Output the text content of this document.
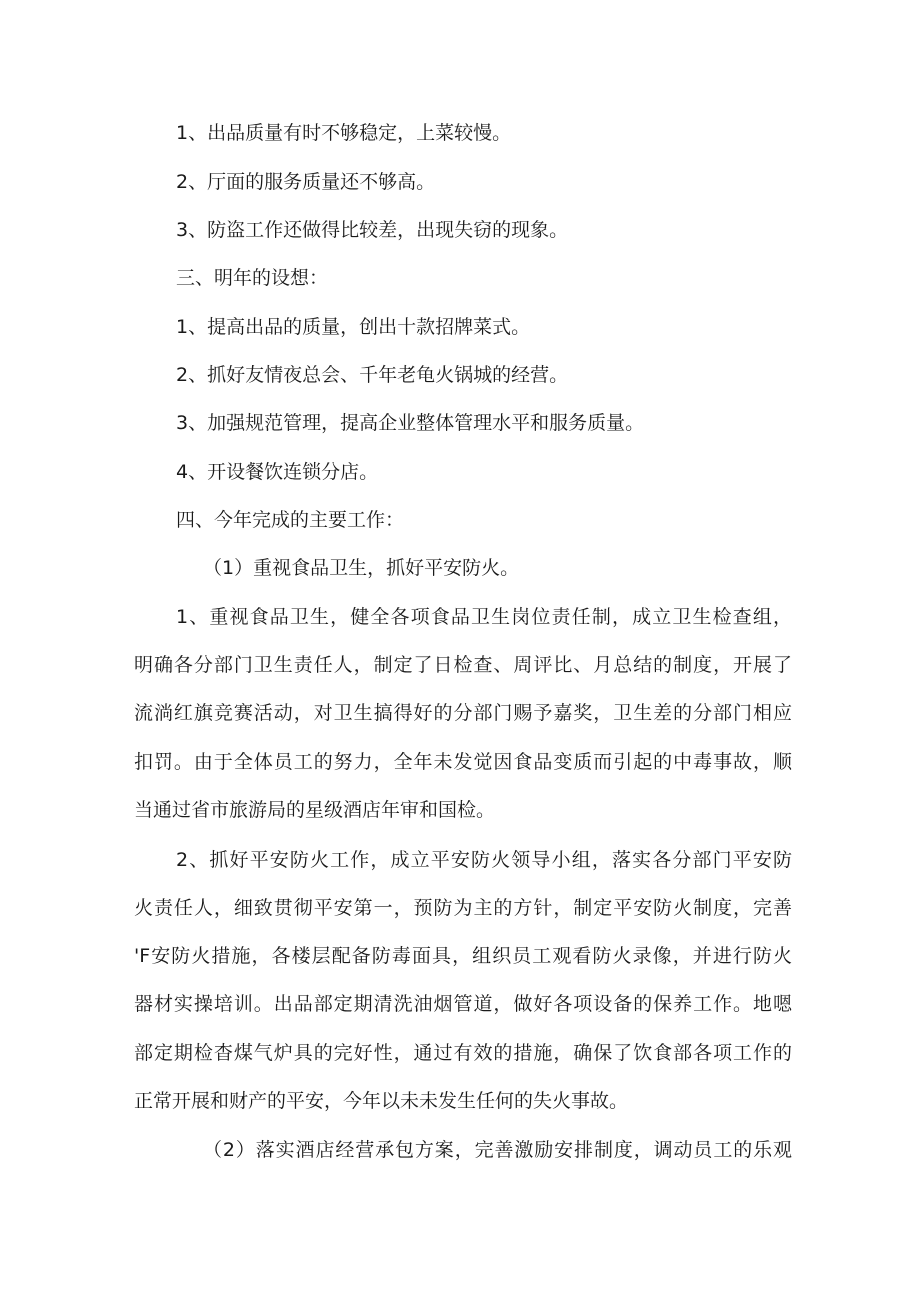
1、出品质量有时不够稳定，上菜较慢。

2、厅面的服务质量还不够高。

3、防盗工作还做得比较差，出现失窃的现象。

三、明年的设想：

1、提高出品的质量，创出十款招牌菜式。

2、抓好友情夜总会、千年老龟火锅城的经营。

3、加强规范管理，提高企业整体管理水平和服务质量。

4、开设餐饮连锁分店。

四、今年完成的主要工作：

（1）重视食品卫生，抓好平安防火。

1、重视食品卫生，健全各项食品卫生岗位责任制，成立卫生检查组，

明确各分部门卫生责任人，制定了日检查、周评比、月总结的制度，开展了

流淌红旗竞赛活动，对卫生搞得好的分部门赐予嘉奖，卫生差的分部门相应

扣罚。由于全体员工的努力，全年未发觉因食品变质而引起的中毒事故，顺

当通过省市旅游局的星级酒店年审和国检。

2、抓好平安防火工作，成立平安防火领导小组，落实各分部门平安防

火责任人，细致贯彻平安第一，预防为主的方针，制定平安防火制度，完善

'F安防火措施，各楼层配备防毒面具，组织员工观看防火录像，并进行防火

器材实操培训。出品部定期清洗油烟管道，做好各项设备的保养工作。地嗯

部定期检杳煤气炉具的完好性，通过有效的措施，确保了饮食部各项工作的

正常开展和财产的平安，今年以未未发生任何的失火事故。

（2）落实酒店经营承包方案，完善激励安排制度，调动员工的乐观
